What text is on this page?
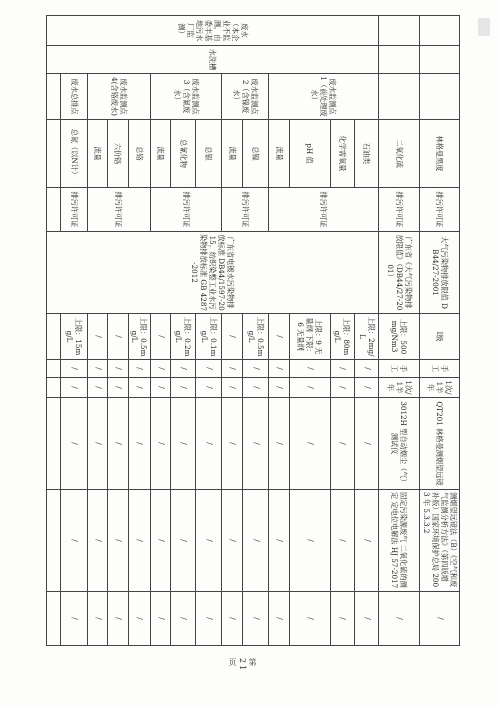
			林格曼黑度	排污许可证	大气污染物排放限值 DB44/27-2001	Ⅰ级	手工	1次/1半年	QT201 林格曼测烟望远镜	测烟望远镜法（B）《空气和废气监测分析方法》（第四版增补版）国家环境保护总局 2003 年 5.3.3.2	/
			二氧化硫	排污许可证	广东省《大气污染物排放限值》（DB44/27-2001）	上限：500mg/Nm3	手工	1次/1半年	3012H 型自动烟尘（气）测试仪	固定污染源废气 二氧化硫的测定 定电位电解法 HJ 57-2017	/
废水（本企业不监测，由委丰基地污水厂监测）	水洗槽	废水监测点 1（前处理废水）	石油类	排污许可证	广东省电镀水污染物排放标准 DB44/1597-2015，纺织染整工业水污染物排放标准 GB 4287-2012	上限：2mg/L	/	/	/	/	/
			化学需氧量			上限：80mg/L	/	/	/	/	/
			pH 值			上限：9 无量纲 下限：6 无量纲	/	/	/	/	/
			流量			/	/	/	/	/	/
		废水监测点 2（含镍废水）	总镍	排污许可证		上限：0.5mg/L	/	/	/	/	/
			流量			/	/	/	/	/	/
		废水监测点 3（含氰废水）	总银	排污许可证		上限：0.1mg/L	/	/	/	/	/
			总氰化物			上限：0.2mg/L	/	/	/	/	/
			流量			/	/	/	/	/	/
		废水监测点 4(含铬废水)	总铬	排污许可证		上限：0.5mg/L	/	/	/	/	/
			六价铬			/	/	/	/	/	/
			流量			/	/	/	/	/	/
		废水总排点	总氮（以N计）	排污许可证		上限：15mg/L	/	/	/	/	/

第 21 页
